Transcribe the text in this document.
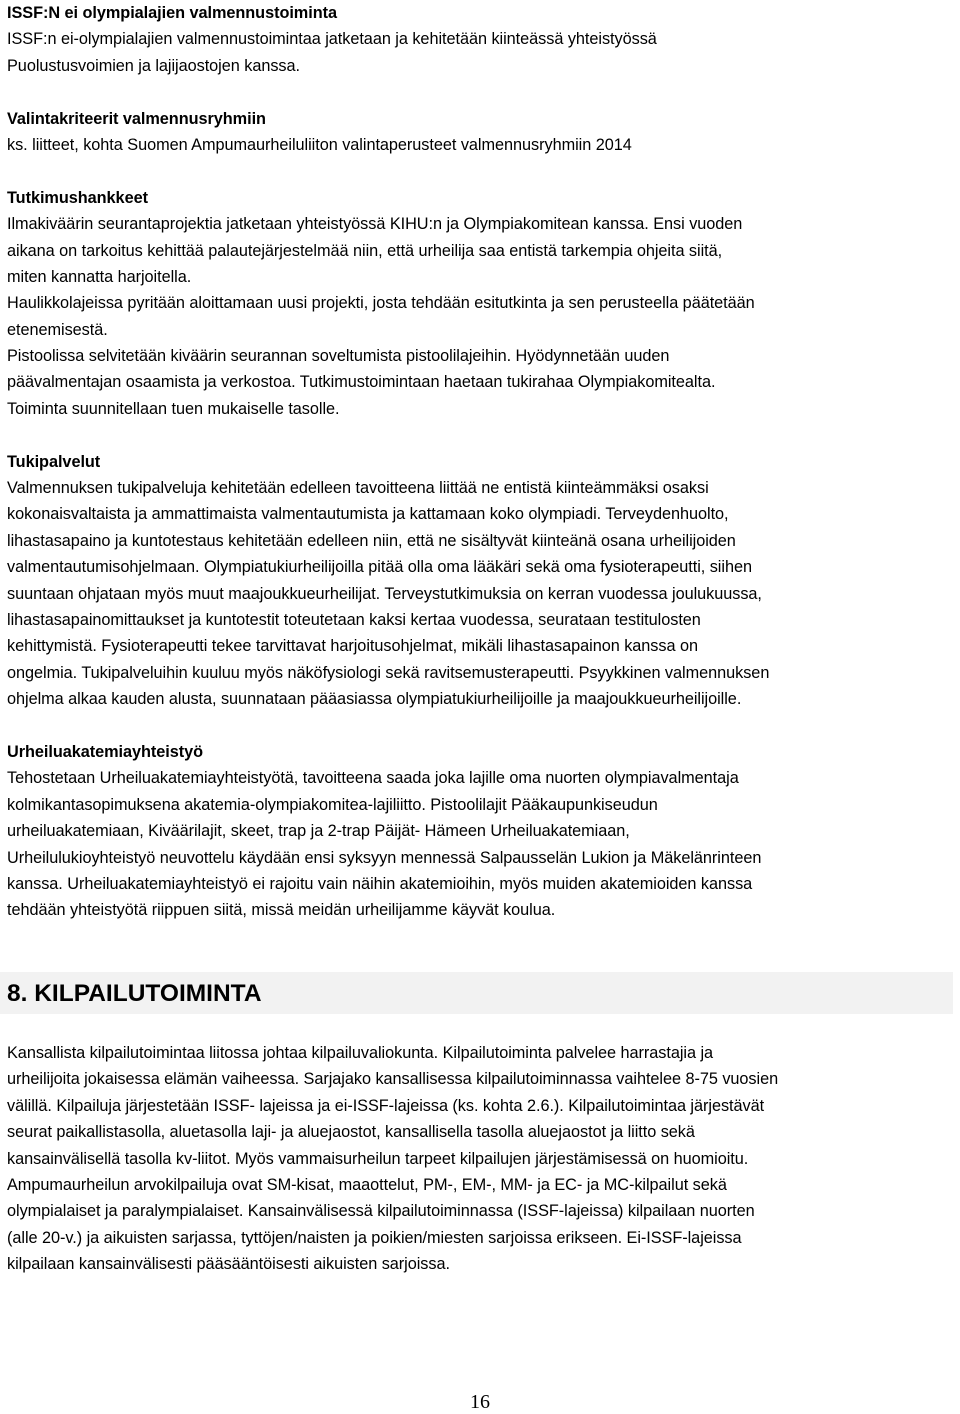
ISSF:N ei olympialajien valmennustoiminta
ISSF:n ei-olympialajien valmennustoimintaa jatketaan ja kehitetään kiinteässä yhteistyössä
Puolustusvoimien ja lajijaostojen kanssa.
Valintakriteerit valmennusryhmiin
ks. liitteet, kohta Suomen Ampumaurheiluliiton valintaperusteet valmennusryhmiin 2014
Tutkimushankkeet
Ilmakiväärin seurantaprojektia jatketaan yhteistyössä KIHU:n ja Olympiakomitean kanssa. Ensi vuoden
aikana on tarkoitus kehittää palautejärjestelmää niin, että urheilija saa entistä tarkempia ohjeita siitä,
miten kannatta harjoitella.
Haulikkolajeissa pyritään aloittamaan uusi projekti, josta tehdään esitutkinta ja sen perusteella päätetään
etenemisestä.
Pistoolissa selvitetään kiväärin seurannan soveltumista pistoolilajeihin. Hyödynnetään uuden
päävalmentajan osaamista ja verkostoa. Tutkimustoimintaan haetaan tukirahaa Olympiakomitealta.
Toiminta suunnitellaan tuen mukaiselle tasolle.
Tukipalvelut
Valmennuksen tukipalveluja kehitetään edelleen tavoitteena liittää ne entistä kiinteämmäksi osaksi
kokonaisvaltaista ja ammattimaista valmentautumista ja kattamaan koko olympiadi. Terveydenhuolto,
lihastasapaino ja kuntotestaus kehitetään edelleen niin, että ne sisältyvät kiinteänä osana urheilijoiden
valmentautumisohjelmaan. Olympiatukiurheilijoilla pitää olla oma lääkäri sekä oma fysioterapeutti, siihen
suuntaan ohjataan myös muut maajoukkueurheilijat. Terveystutkimuksia on kerran vuodessa joulukuussa,
lihastasapainomittaukset ja kuntotestit toteutetaan kaksi kertaa vuodessa, seurataan testitulosten
kehittymistä. Fysioterapeutti tekee tarvittavat harjoitusohjelmat, mikäli lihastasapainon kanssa on
ongelmia. Tukipalveluihin kuuluu myös näköfysiologi sekä ravitsemusterapeutti. Psyykkinen valmennuksen
ohjelma alkaa kauden alusta, suunnataan pääasiassa olympiatukiurheilijoille ja maajoukkueurheilijoille.
Urheiluakatemiayhteistyö
Tehostetaan Urheiluakatemiayhteistyötä, tavoitteena saada joka lajille oma nuorten olympiavalmentaja
kolmikantasopimuksena akatemia-olympiakomitea-lajiliitto. Pistoolilajit Pääkaupunkiseudun
urheiluakatemiaan, Kiväärilajit, skeet, trap ja 2-trap Päijät- Hämeen Urheiluakatemiaan,
Urheilulukioyhteistyö neuvottelu käydään ensi syksyyn mennessä Salpausselän Lukion ja Mäkelänrinteen
kanssa. Urheiluakatemiayhteistyö ei rajoitu vain näihin akatemioihin, myös muiden akatemioiden kanssa
tehdään yhteistyötä riippuen siitä, missä meidän urheilijamme käyvät koulua.
8. KILPAILUTOIMINTA
Kansallista kilpailutoimintaa liitossa johtaa kilpailuvaliokunta. Kilpailutoiminta palvelee harrastajia ja
urheilijoita jokaisessa elämän vaiheessa. Sarjajako kansallisessa kilpailutoiminnassa vaihtelee 8-75 vuosien
välillä. Kilpailuja järjestetään ISSF- lajeissa ja ei-ISSF-lajeissa (ks. kohta 2.6.). Kilpailutoimintaa järjestävät
seurat paikallistasolla, aluetasolla laji- ja aluejaostot, kansallisella tasolla aluejaostot ja liitto sekä
kansainvälisellä tasolla kv-liitot. Myös vammaisurheilun tarpeet kilpailujen järjestämisessä on huomioitu.
Ampumaurheilun arvokilpailuja ovat SM-kisat, maaottelut, PM-, EM-, MM- ja EC- ja MC-kilpailut sekä
olympialaiset ja paralympialaiset. Kansainvälisessä kilpailutoiminnassa (ISSF-lajeissa) kilpailaan nuorten
(alle 20-v.) ja aikuisten sarjassa, tyttöjen/naisten ja poikien/miesten sarjoissa erikseen. Ei-ISSF-lajeissa
kilpailaan kansainvälisesti pääsääntöisesti aikuisten sarjoissa.
16
